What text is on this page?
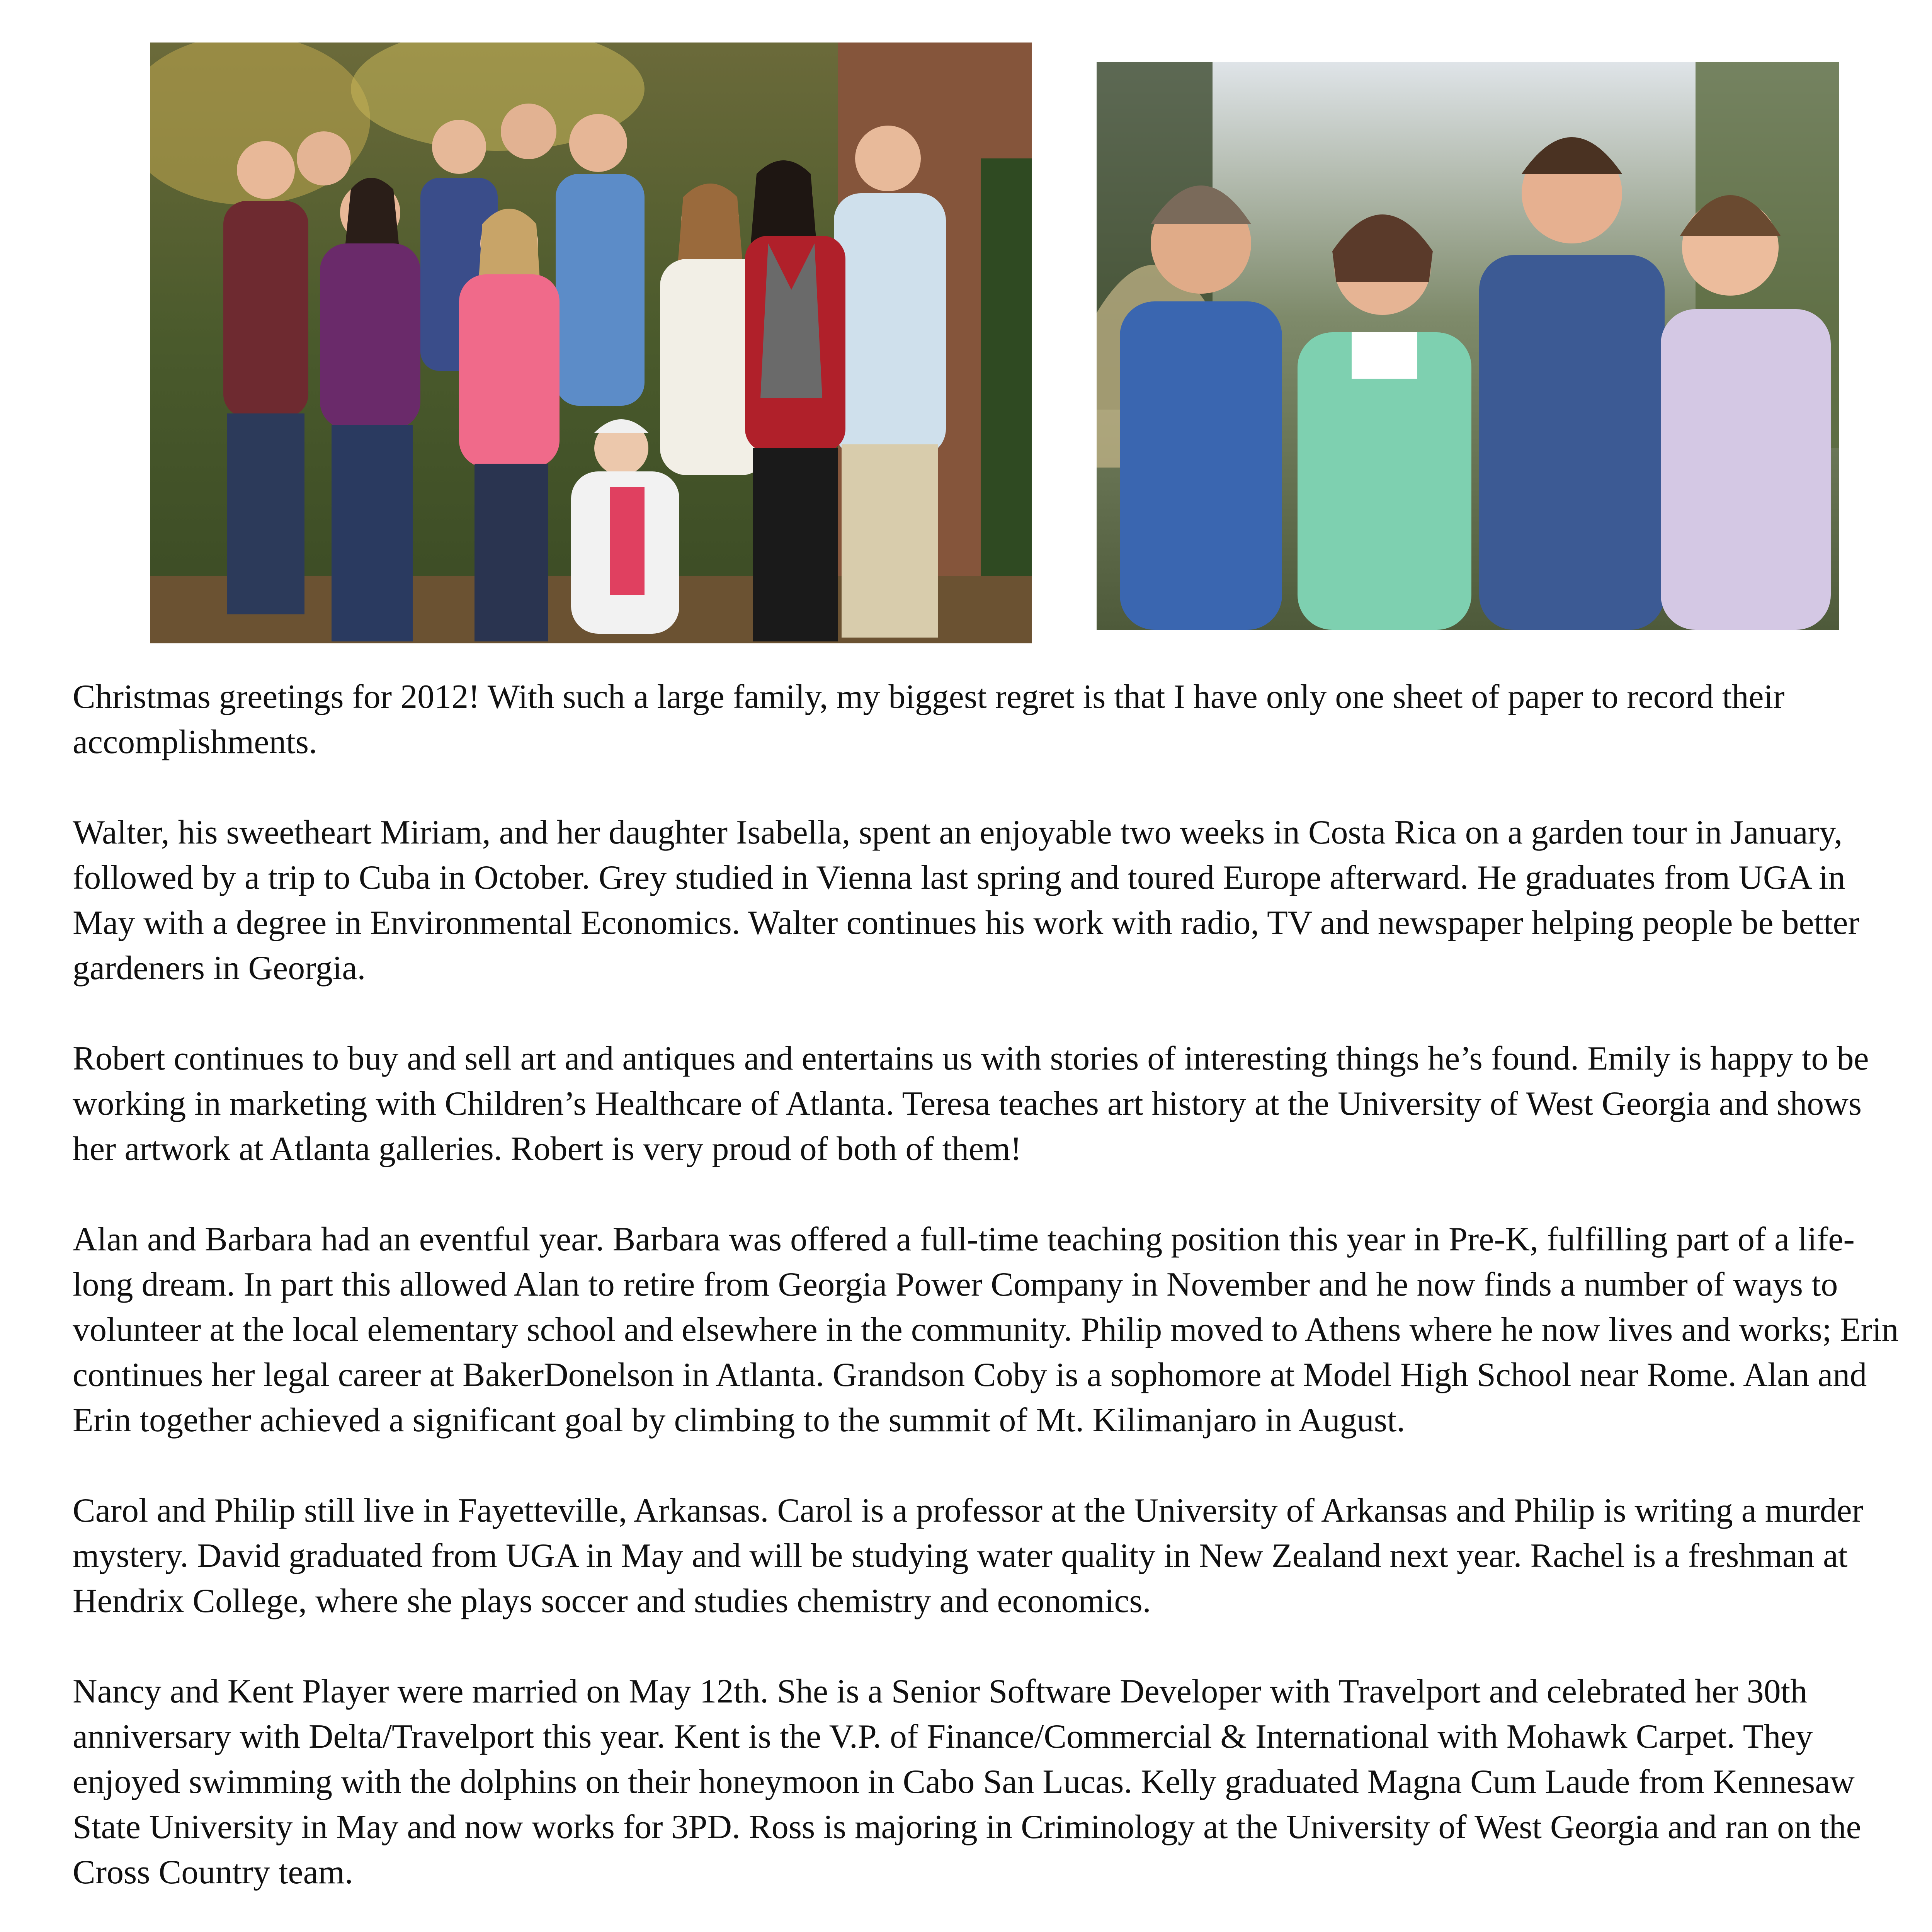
Christmas greetings for 2012! With such a large family, my biggest regret is that I have only one sheet of paper to record their accomplishments.

Walter, his sweetheart Miriam, and her daughter Isabella, spent an enjoyable two weeks in Costa Rica on a garden tour in January, followed by a trip to Cuba in October. Grey studied in Vienna last spring and toured Europe afterward. He graduates from UGA in May with a degree in Environmental Economics. Walter continues his work with radio, TV and newspaper helping people be better gardeners in Georgia.

Robert continues to buy and sell art and antiques and entertains us with stories of interesting things he’s found. Emily is happy to be working in marketing with Children’s Healthcare of Atlanta. Teresa teaches art history at the University of West Georgia and shows her artwork at Atlanta galleries. Robert is very proud of both of them!

Alan and Barbara had an eventful year. Barbara was offered a full-time teaching position this year in Pre-K, fulfilling part of a life-long dream. In part this allowed Alan to retire from Georgia Power Company in November and he now finds a number of ways to volunteer at the local elementary school and elsewhere in the community. Philip moved to Athens where he now lives and works; Erin continues her legal career at BakerDonelson in Atlanta. Grandson Coby is a sophomore at Model High School near Rome. Alan and Erin together achieved a significant goal by climbing to the summit of Mt. Kilimanjaro in August.

Carol and Philip still live in Fayetteville, Arkansas. Carol is a professor at the University of Arkansas and Philip is writing a murder mystery. David graduated from UGA in May and will be studying water quality in New Zealand next year. Rachel is a freshman at Hendrix College, where she plays soccer and studies chemistry and economics.

Nancy and Kent Player were married on May 12th. She is a Senior Software Developer with Travelport and celebrated her 30th anniversary with Delta/Travelport this year. Kent is the V.P. of Finance/Commercial & International with Mohawk Carpet. They enjoyed swimming with the dolphins on their honeymoon in Cabo San Lucas. Kelly graduated Magna Cum Laude from Kennesaw State University in May and now works for 3PD. Ross is majoring in Criminology at the University of West Georgia and ran on the Cross Country team.
